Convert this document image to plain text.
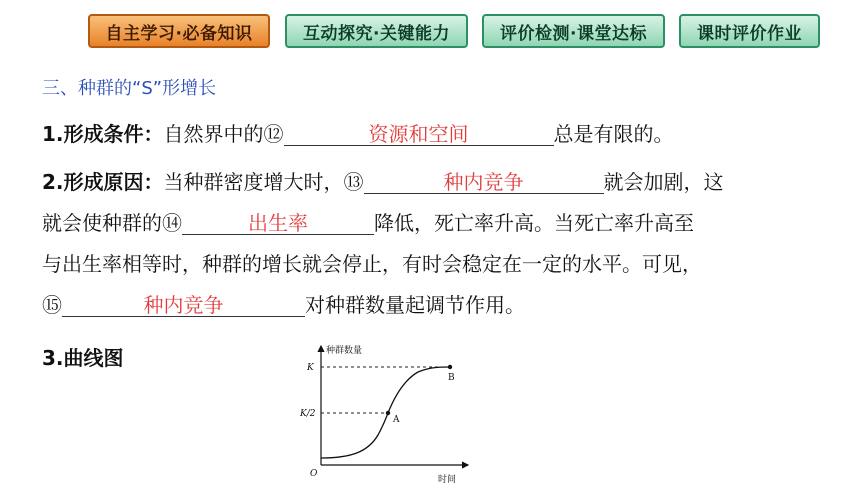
自主学习·必备知识	互动探究·关键能力	评价检测·课堂达标	课时评价作业
三、种群的“S”形增长
1.形成条件：自然界中的⑫	资源和空间	总是有限的。
2.形成原因：当种群密度增大时，⑬	种内竞争	就会加剧，这
就会使种群的⑭	出生率	降低，死亡率升高。当死亡率升高至
与出生率相等时，种群的增长就会停止，有时会稳定在一定的水平。可见，
⑮	种内竞争	对种群数量起调节作用。
3.曲线图	种群数量
时间
K
K/2
O
A
B
